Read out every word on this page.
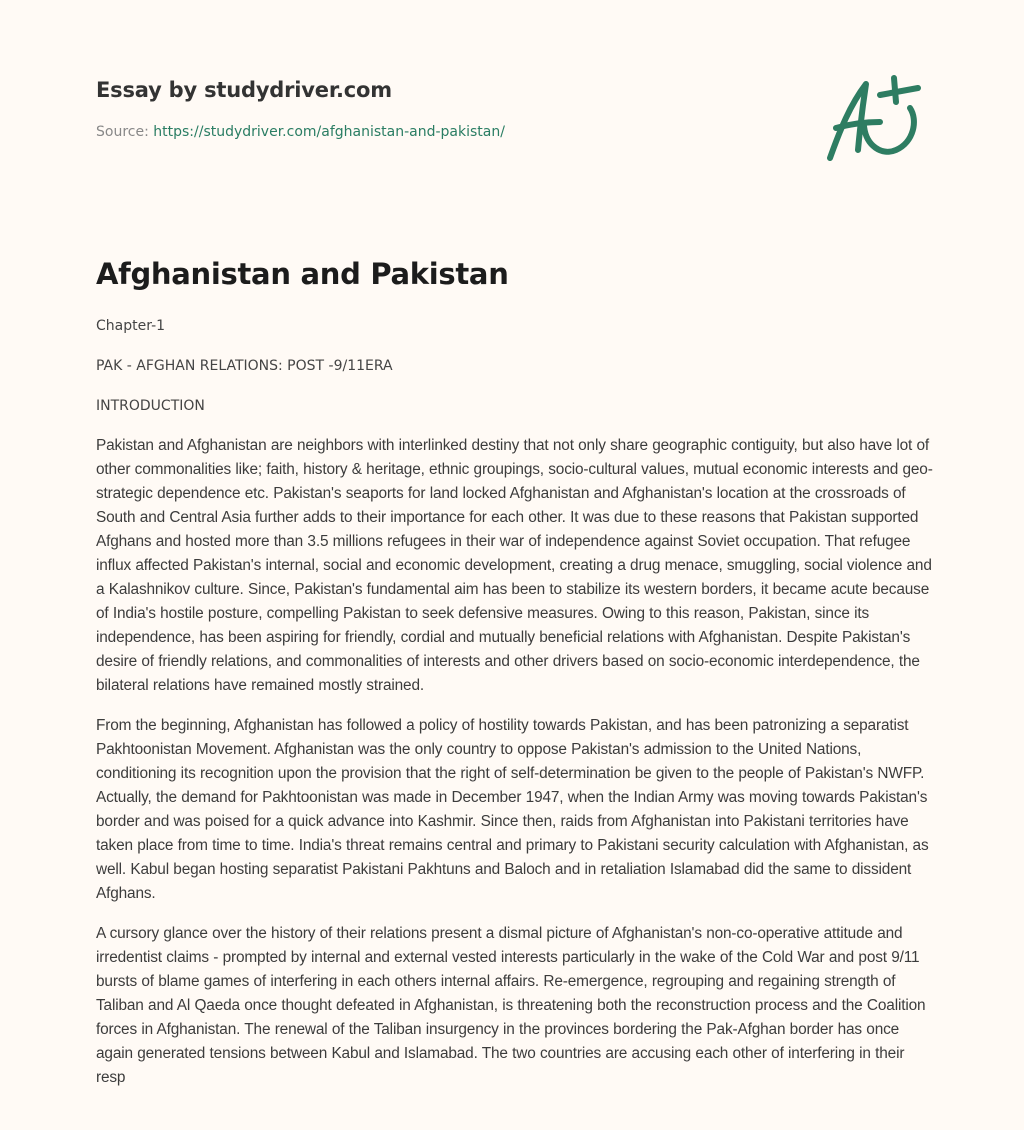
Essay by studydriver.com
Source: https://studydriver.com/afghanistan-and-pakistan/
Afghanistan and Pakistan

Chapter-1

PAK - AFGHAN RELATIONS: POST -9/11ERA

INTRODUCTION

Pakistan and Afghanistan are neighbors with interlinked destiny that not only share geographic contiguity, but also have lot of other commonalities like; faith, history & heritage, ethnic groupings, socio-cultural values, mutual economic interests and geo-strategic dependence etc. Pakistan's seaports for land locked Afghanistan and Afghanistan's location at the crossroads of South and Central Asia further adds to their importance for each other. It was due to these reasons that Pakistan supported Afghans and hosted more than 3.5 millions refugees in their war of independence against Soviet occupation. That refugee influx affected Pakistan's internal, social and economic development, creating a drug menace, smuggling, social violence and a Kalashnikov culture. Since, Pakistan's fundamental aim has been to stabilize its western borders, it became acute because of India's hostile posture, compelling Pakistan to seek defensive measures. Owing to this reason, Pakistan, since its independence, has been aspiring for friendly, cordial and mutually beneficial relations with Afghanistan. Despite Pakistan's desire of friendly relations, and commonalities of interests and other drivers based on socio-economic interdependence, the bilateral relations have remained mostly strained.

From the beginning, Afghanistan has followed a policy of hostility towards Pakistan, and has been patronizing a separatist Pakhtoonistan Movement. Afghanistan was the only country to oppose Pakistan's admission to the United Nations, conditioning its recognition upon the provision that the right of self-determination be given to the people of Pakistan's NWFP. Actually, the demand for Pakhtoonistan was made in December 1947, when the Indian Army was moving towards Pakistan's border and was poised for a quick advance into Kashmir. Since then, raids from Afghanistan into Pakistani territories have taken place from time to time. India's threat remains central and primary to Pakistani security calculation with Afghanistan, as well. Kabul began hosting separatist Pakistani Pakhtuns and Baloch and in retaliation Islamabad did the same to dissident Afghans.

A cursory glance over the history of their relations present a dismal picture of Afghanistan's non-co-operative attitude and irredentist claims - prompted by internal and external vested interests particularly in the wake of the Cold War and post 9/11 bursts of blame games of interfering in each others internal affairs. Re-emergence, regrouping and regaining strength of Taliban and Al Qaeda once thought defeated in Afghanistan, is threatening both the reconstruction process and the Coalition forces in Afghanistan. The renewal of the Taliban insurgency in the provinces bordering the Pak-Afghan border has once again generated tensions between Kabul and Islamabad. The two countries are accusing each other of interfering in their resp
